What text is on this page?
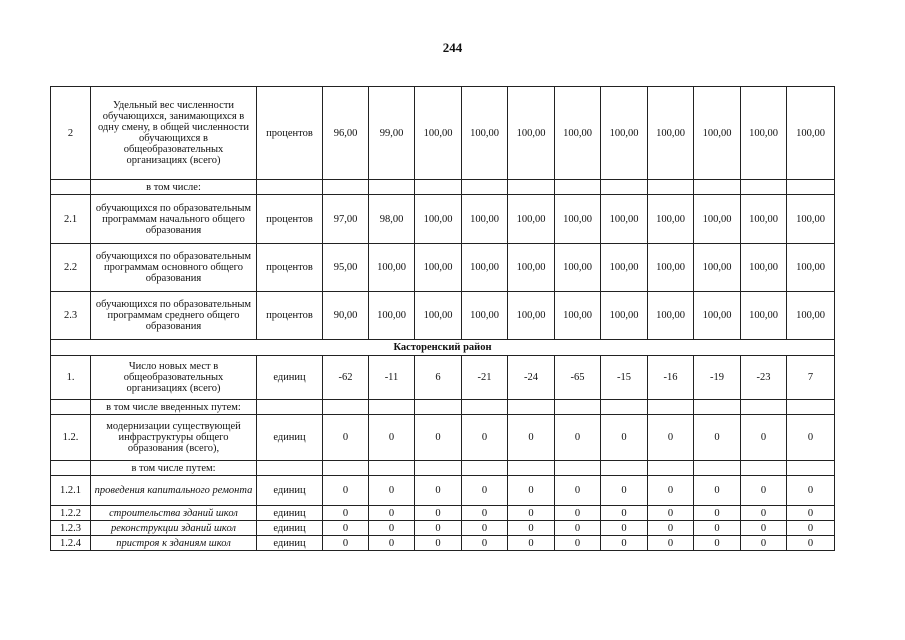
244
2	Удельный вес численности обучающихся, занимающихся в одну смену, в общей численности обучающихся в общеобразовательных организациях (всего)	процентов	96,00	99,00	100,00	100,00	100,00	100,00	100,00	100,00	100,00	100,00	100,00
	в том числе:												
2.1	обучающихся по образовательным программам начального общего образования	процентов	97,00	98,00	100,00	100,00	100,00	100,00	100,00	100,00	100,00	100,00	100,00
2.2	обучающихся по образовательным программам основного общего образования	процентов	95,00	100,00	100,00	100,00	100,00	100,00	100,00	100,00	100,00	100,00	100,00
2.3	обучающихся по образовательным программам среднего общего образования	процентов	90,00	100,00	100,00	100,00	100,00	100,00	100,00	100,00	100,00	100,00	100,00
Касторенский район													
1.	Число новых мест в общеобразовательных организациях (всего)	единиц	-62	-11	6	-21	-24	-65	-15	-16	-19	-23	7
	в том числе введенных путем:												
1.2.	модернизации существующей инфраструктуры общего образования (всего),	единиц	0	0	0	0	0	0	0	0	0	0	0
	в том числе путем:												
1.2.1	проведения капитального ремонта	единиц	0	0	0	0	0	0	0	0	0	0	0
1.2.2	строительства зданий школ	единиц	0	0	0	0	0	0	0	0	0	0	0
1.2.3	реконструкции зданий школ	единиц	0	0	0	0	0	0	0	0	0	0	0
1.2.4	пристроя к зданиям школ	единиц	0	0	0	0	0	0	0	0	0	0	0
